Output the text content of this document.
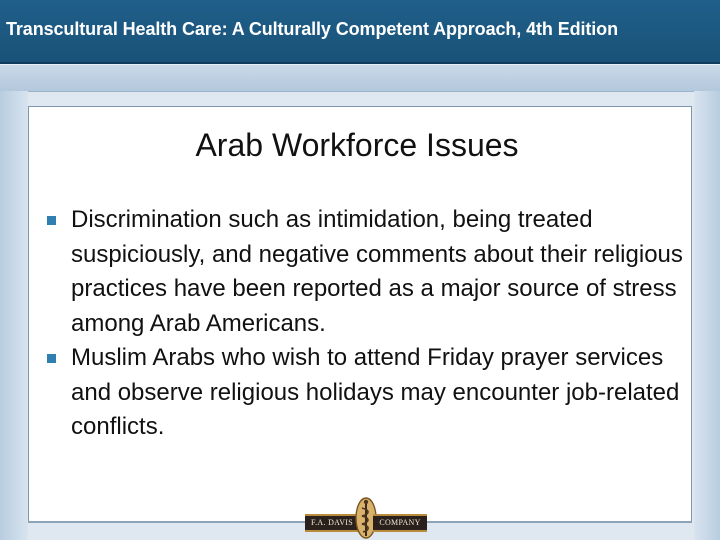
Transcultural Health Care: A Culturally Competent Approach, 4th Edition
Arab Workforce Issues
Discrimination such as intimidation, being treated suspiciously, and negative comments about their religious practices have been reported as a major source of stress among Arab Americans.
Muslim Arabs who wish to attend Friday prayer services and observe religious holidays may encounter job-related conflicts.
F.A. DAVIS	COMPANY
